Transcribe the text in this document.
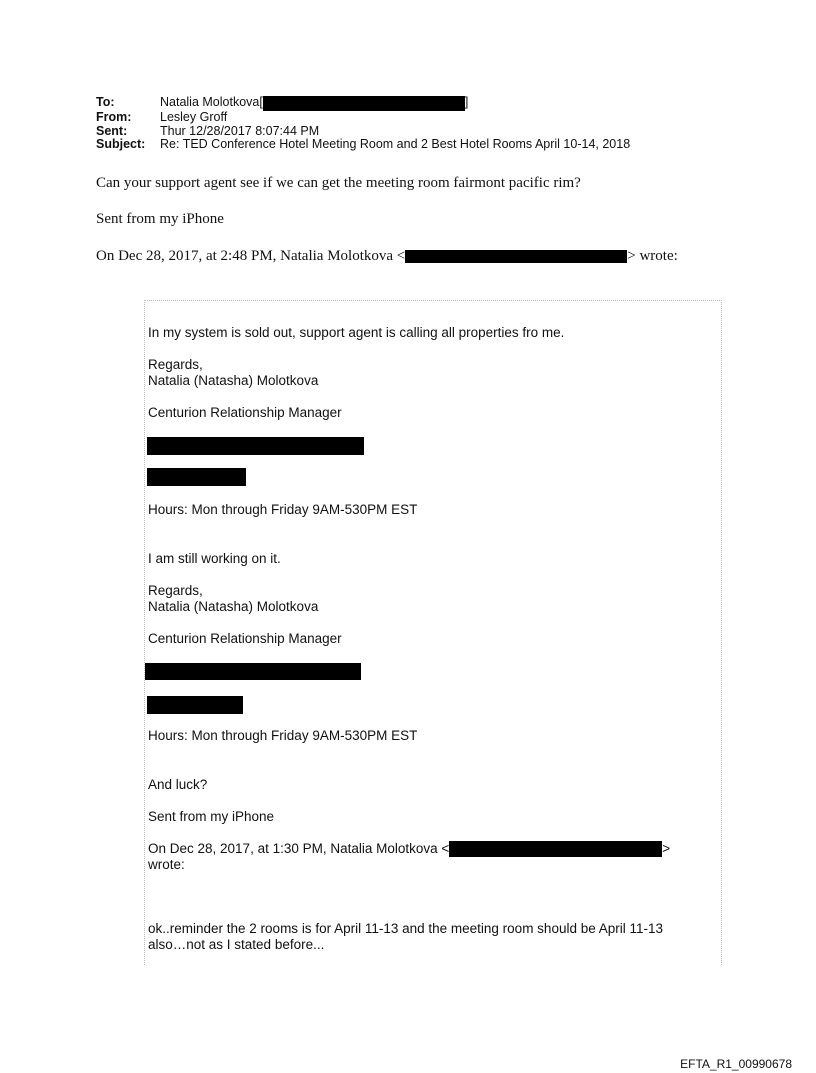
To:	Natalia Molotkova[	]
From:	Lesley Groff
Sent:	Thur 12/28/2017 8:07:44 PM
Subject:	Re: TED Conference Hotel Meeting Room and 2 Best Hotel Rooms April 10-14, 2018
Can your support agent see if we can get the meeting room fairmont pacific rim?
Sent from my iPhone
On Dec 28, 2017, at 2:48 PM, Natalia Molotkova <	> wrote:
In my system is sold out, support agent is calling all properties fro me.
Regards,
Natalia (Natasha) Molotkova
Centurion Relationship Manager
Hours: Mon through Friday 9AM-530PM EST
I am still working on it.
Regards,
Natalia (Natasha) Molotkova
Centurion Relationship Manager
Hours: Mon through Friday 9AM-530PM EST
And luck?
Sent from my iPhone
On Dec 28, 2017, at 1:30 PM, Natalia Molotkova <	>
wrote:
ok..reminder the 2 rooms is for April 11-13 and the meeting room should be April 11-13
also…not as I stated before...
EFTA_R1_00990678
